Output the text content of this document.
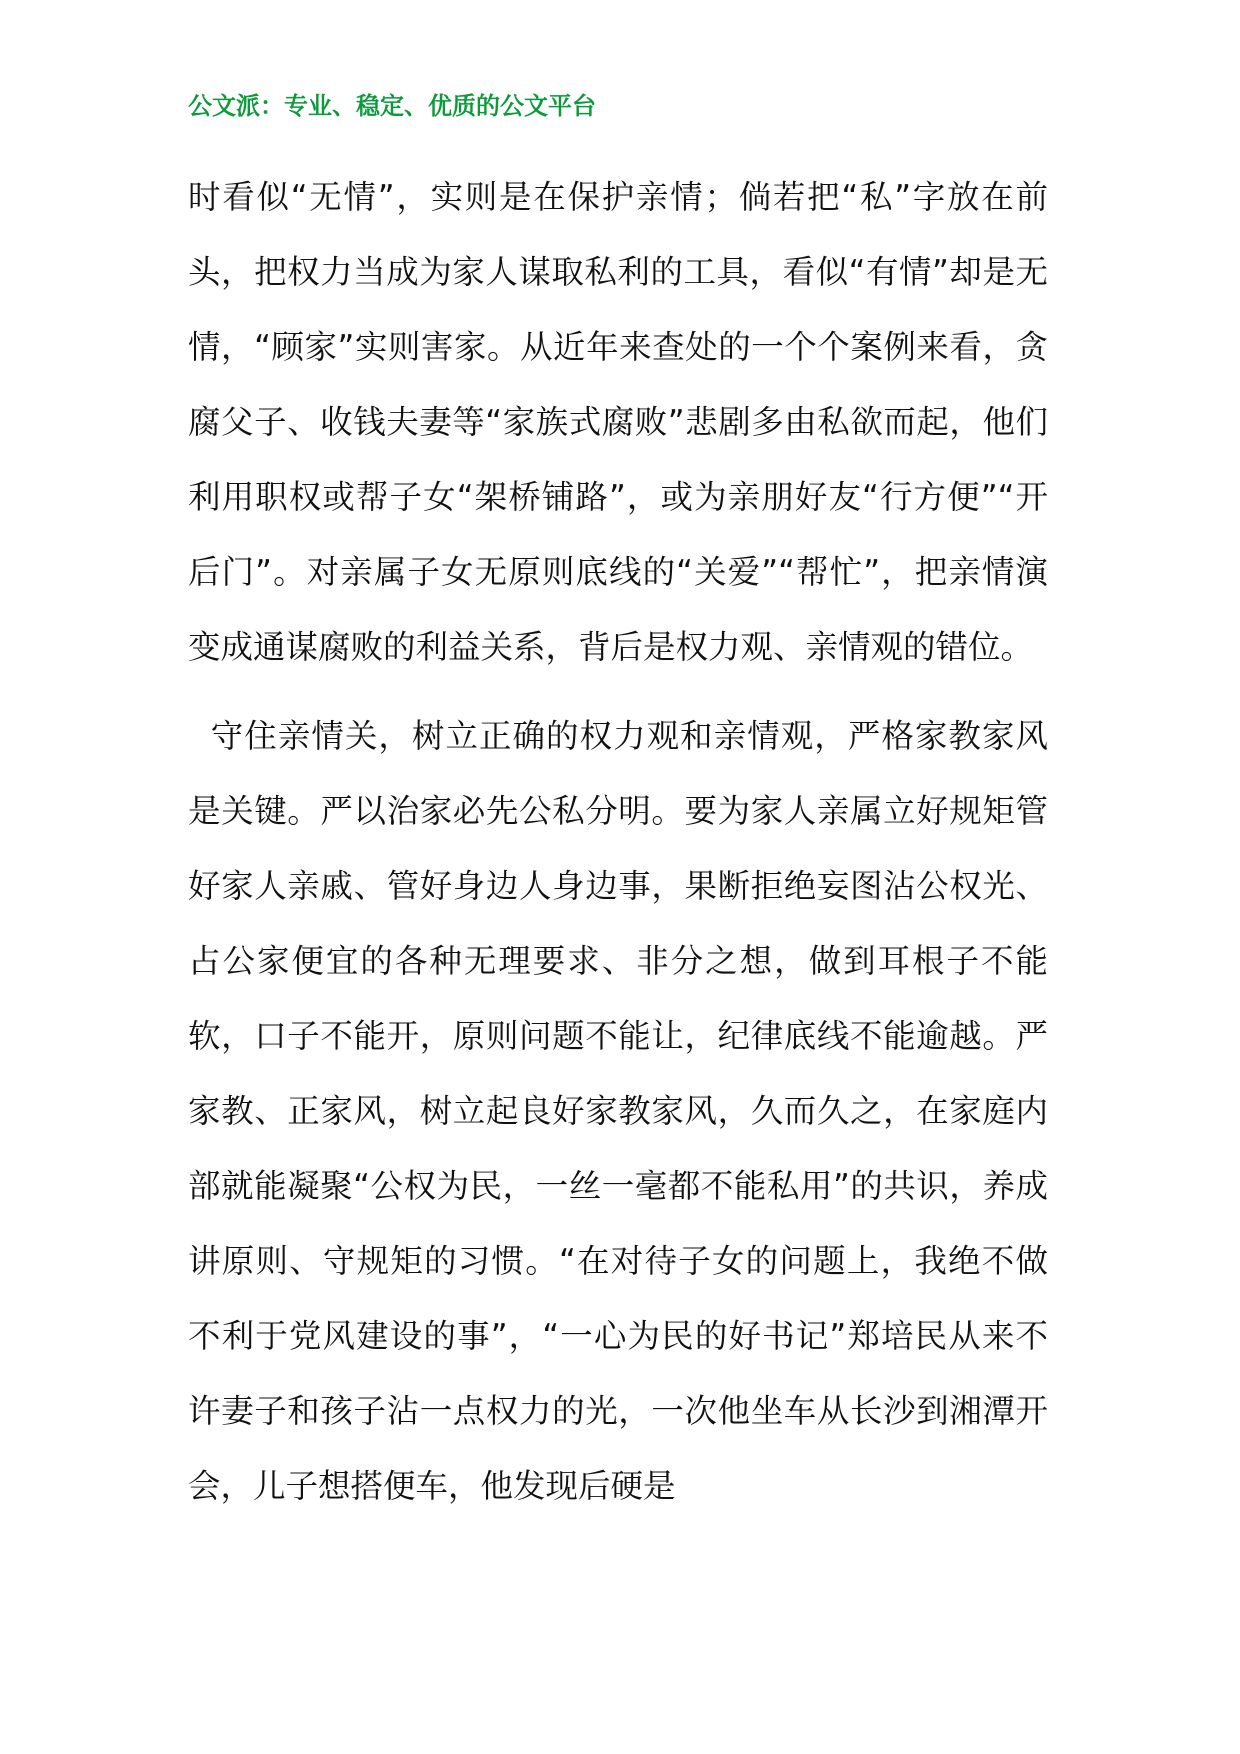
公文派：专业、稳定、优质的公文平台

时看似“无情”，实则是在保护亲情；倘若把“私”字放在前头，把权力当成为家人谋取私利的工具，看似“有情”却是无情，“顾家”实则害家。从近年来查处的一个个案例来看，贪腐父子、收钱夫妻等“家族式腐败”悲剧多由私欲而起，他们利用职权或帮子女“架桥铺路”，或为亲朋好友“行方便”“开后门”。对亲属子女无原则底线的“关爱”“帮忙”，把亲情演变成通谋腐败的利益关系，背后是权力观、亲情观的错位。

守住亲情关，树立正确的权力观和亲情观，严格家教家风是关键。严以治家必先公私分明。要为家人亲属立好规矩管好家人亲戚、管好身边人身边事，果断拒绝妄图沾公权光、占公家便宜的各种无理要求、非分之想，做到耳根子不能软，口子不能开，原则问题不能让，纪律底线不能逾越。严家教、正家风，树立起良好家教家风，久而久之，在家庭内部就能凝聚“公权为民，一丝一毫都不能私用”的共识，养成讲原则、守规矩的习惯。“在对待子女的问题上，我绝不做不利于党风建设的事”，“一心为民的好书记”郑培民从来不许妻子和孩子沾一点权力的光，一次他坐车从长沙到湘潭开会，儿子想搭便车，他发现后硬是
